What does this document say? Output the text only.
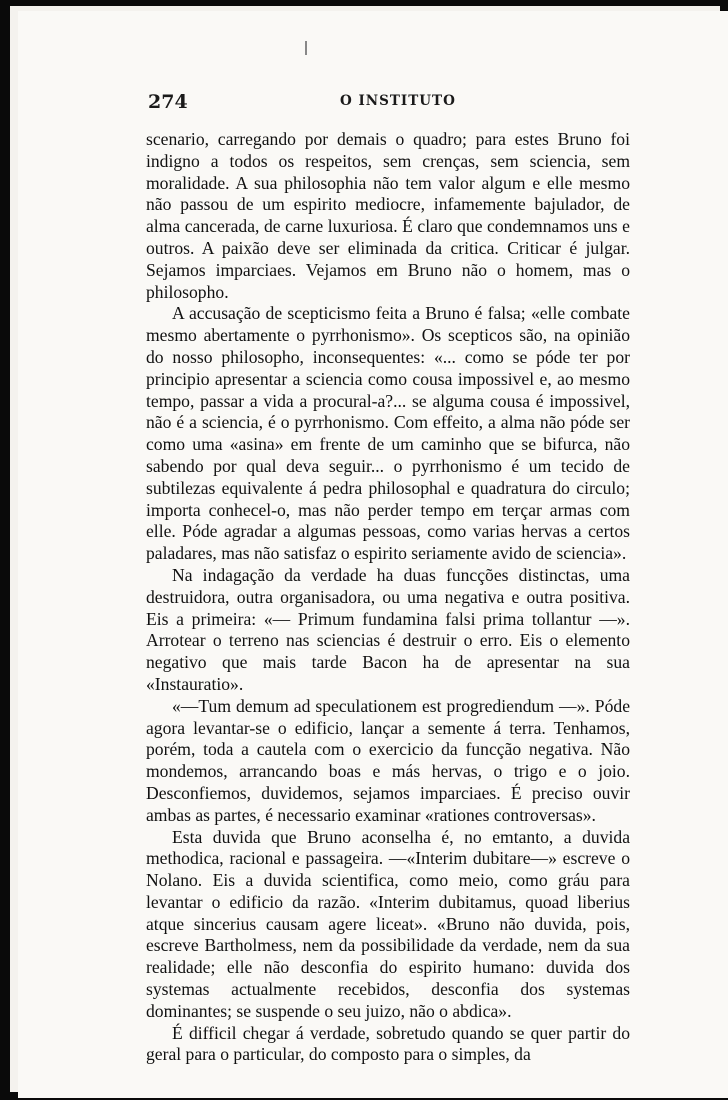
274	O INSTITUTO

scenario, carregando por demais o quadro; para estes Bruno foi indigno a todos os respeitos, sem crenças, sem sciencia, sem moralidade. A sua philosophia não tem valor algum e elle mesmo não passou de um espirito mediocre, infamemente bajulador, de alma cancerada, de carne luxuriosa. É claro que condemnamos uns e outros. A paixão deve ser eliminada da critica. Criticar é julgar. Sejamos imparciaes. Vejamos em Bruno não o homem, mas o philosopho.

A accusação de scepticismo feita a Bruno é falsa; «elle combate mesmo abertamente o pyrrhonismo». Os scepticos são, na opinião do nosso philosopho, inconsequentes: «... como se póde ter por principio apresentar a sciencia como cousa impossivel e, ao mesmo tempo, passar a vida a procural-a?... se alguma cousa é impossivel, não é a sciencia, é o pyrrhonismo. Com effeito, a alma não póde ser como uma «asina» em frente de um caminho que se bifurca, não sabendo por qual deva seguir... o pyrrhonismo é um tecido de subtilezas equivalente á pedra philosophal e quadratura do circulo; importa conhecel-o, mas não perder tempo em terçar armas com elle. Póde agradar a algumas pessoas, como varias hervas a certos paladares, mas não satisfaz o espirito seriamente avido de sciencia».

Na indagação da verdade ha duas funcções distinctas, uma destruidora, outra organisadora, ou uma negativa e outra positiva. Eis a primeira: «— Primum fundamina falsi prima tollantur —». Arrotear o terreno nas sciencias é destruir o erro. Eis o elemento negativo que mais tarde Bacon ha de apresentar na sua «Instauratio».

«—Tum demum ad speculationem est progrediendum —». Póde agora levantar-se o edificio, lançar a semente á terra. Tenhamos, porém, toda a cautela com o exercicio da funcção negativa. Não mondemos, arrancando boas e más hervas, o trigo e o joio. Desconfiemos, duvidemos, sejamos imparciaes. É preciso ouvir ambas as partes, é necessario examinar «rationes controversas».

Esta duvida que Bruno aconselha é, no emtanto, a duvida methodica, racional e passageira. —«Interim dubitare—» escreve o Nolano. Eis a duvida scientifica, como meio, como gráu para levantar o edificio da razão. «Interim dubitamus, quoad liberius atque sincerius causam agere liceat». «Bruno não duvida, pois, escreve Bartholmess, nem da possibilidade da verdade, nem da sua realidade; elle não desconfia do espirito humano: duvida dos systemas actualmente recebidos, desconfia dos systemas dominantes; se suspende o seu juizo, não o abdica».

É difficil chegar á verdade, sobretudo quando se quer partir do geral para o particular, do composto para o simples, da
